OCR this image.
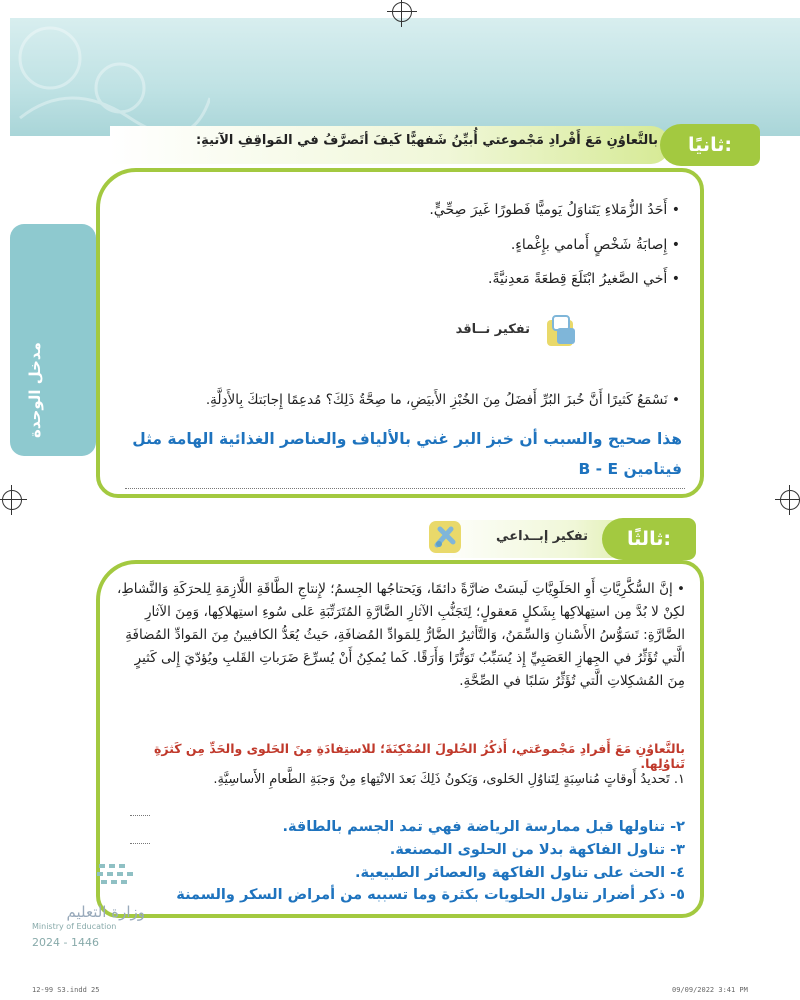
مدخل الوحدة
ثانيًا:
بالتَّعاوُنِ مَعَ أَفْرادِ مَجْموعتي أُبيِّنُ شَفهيًّا كَيفَ أتَصرَّفُ في المَواقِفِ الآتيةِ:
• أَحَدُ الزُّمَلاءِ يَتَناوَلُ يَوميًّا فَطورًا غَيرَ صِحِّيٍّ.
• إِصابَةُ شَخْصٍ أَمامي بإِغْماءٍ.
• أَخي الصَّغيرُ ابْتَلَعَ قِطعَةً مَعدِنيَّةً.
تفكير نــاقد
• نَسْمَعُ كَثيرًا أَنَّ خُبزَ البُرِّ أَفضَلُ مِنَ الخُبْزِ الأَبيَضِ، ما صِحَّةُ ذَلِكَ؟ مُدعِمًا إِجابَتكَ بِالأَدِلَّةِ.
هذا صحيح والسبب أن خبز البر غني بالألياف والعناصر الغذائية الهامة مثل
فيتامين B - E
ثالثًا:
تفكير إبــداعي
• إنَّ السُّكَّرِيَّاتِ أَوِ الحَلَوِيَّاتِ لَيسَتْ ضارَّةً دائمًا، وَيَحتاجُها الجِسمُ؛ لإِنتاجِ الطَّاقَةِ اللَّازِمَةِ لِلحرَكَةِ وَالنَّشاطِ، لكِنْ لا بُدَّ مِن استِهلاكِها بِشَكلٍ مَعقولٍ؛ لِتَجَنُّبِ الآثارِ الضَّارَّةِ المُتَرَتِّبَةِ عَلى سُوءِ استِهلاكِها، وَمِنَ الآثارِ الضَّارَّةِ: تَسَوُّسُ الأَسْنانِ وَالسِّمَنُ، وَالتَّأثيرُ الضَّارُّ لِلمَوادِّ المُضافَةِ، حَيثُ يُعَدُّ الكافيينُ مِنَ المَوادِّ المُضافَةِ الَّتي تُؤَثِّرُ في الجِهازِ العَصَبِيِّ إِذ يُسَبِّبُ تَوَتُّرًا وَأَرَقًا. كَما يُمكِنُ أَنْ يُسرِّعَ ضَرَباتِ القَلبِ ويُؤدّيَ إِلى كَثيرٍ مِنَ المُشكِلاتِ الَّتي تُؤَثِّرُ سَلبًا في الصِّحَّةِ.
بالتَّعاوُنِ مَعَ أَفرادِ مَجْموعَتي، أَذكُرُ الحُلولَ المُمْكِنَةَ؛ للاستِفادَةِ مِنَ الحَلوى والحَدِّ مِن كَثرَةِ تَناوُلِها.
١. تَحديدُ أَوقاتٍ مُناسِبَةٍ لِتَناوُلِ الحَلوى، وَيَكونُ ذَلِكَ بَعدَ الانْتِهاءِ مِنْ وَجبَةِ الطَّعامِ الأَساسِيَّةِ.
٢- تناولها قبل ممارسة الرياضة فهي تمد الجسم بالطاقة.
٣- تناول الفاكهة بدلا من الحلوى المصنعة.
٤- الحث على تناول الفاكهة والعصائر الطبيعية.
٥- ذكر أضرار تناول الحلويات بكثرة وما تسببه من أمراض السكر والسمنة
وزارة التعليم
Ministry of Education
2024 - 1446
12-99 S3.indd 25	09/09/2022 3:41 PM
